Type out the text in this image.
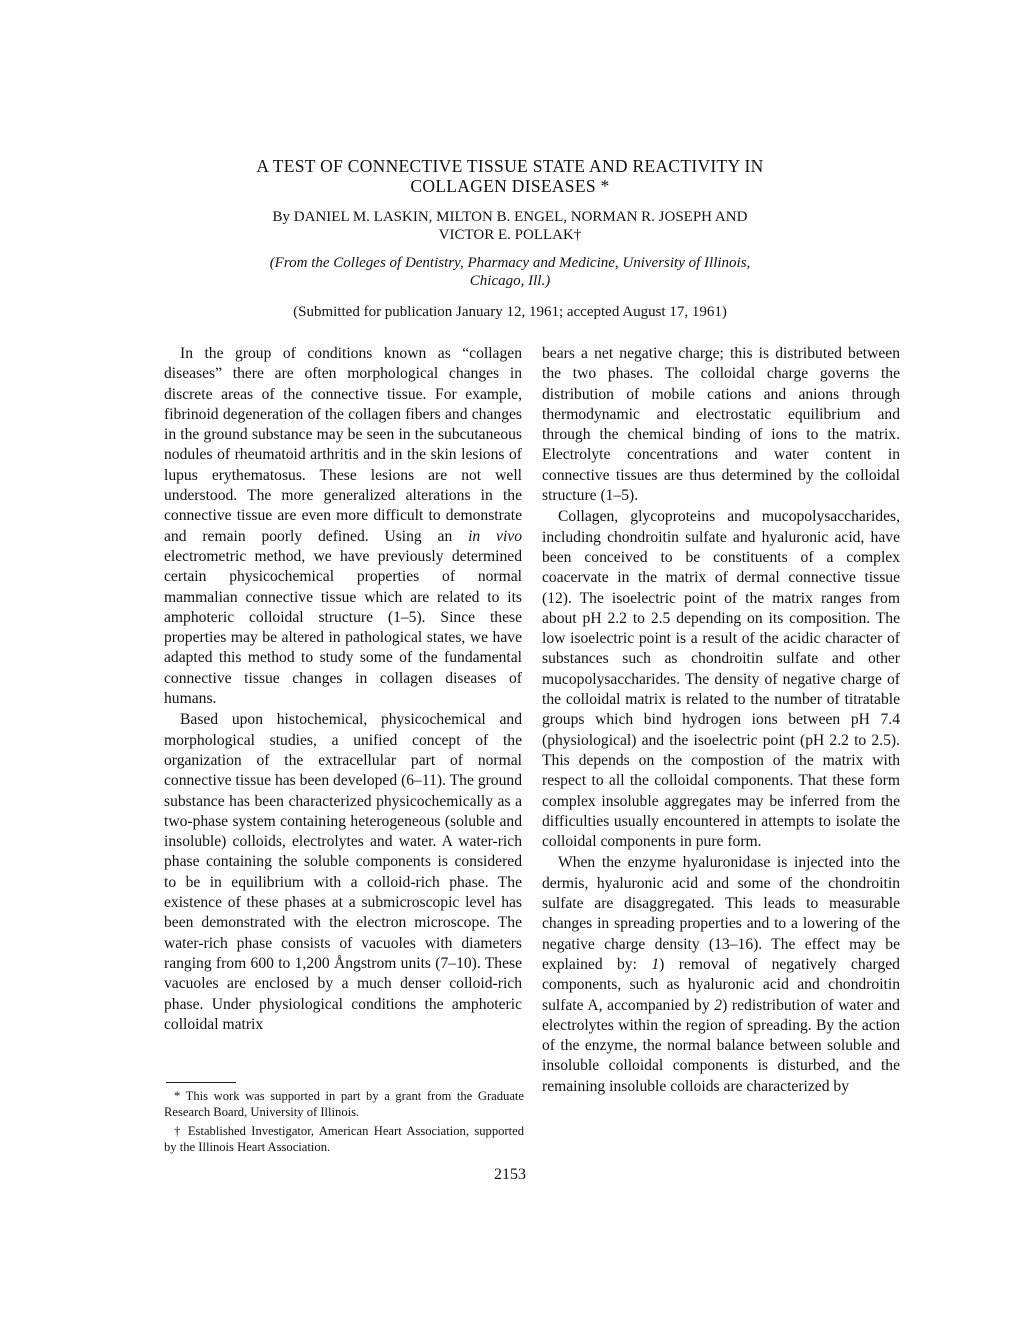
A TEST OF CONNECTIVE TISSUE STATE AND REACTIVITY IN
COLLAGEN DISEASES *
By DANIEL M. LASKIN, MILTON B. ENGEL, NORMAN R. JOSEPH AND
VICTOR E. POLLAK†
(From the Colleges of Dentistry, Pharmacy and Medicine, University of Illinois,
Chicago, Ill.)
(Submitted for publication January 12, 1961; accepted August 17, 1961)

In the group of conditions known as “collagen diseases” there are often morphological changes in discrete areas of the connective tissue. For example, fibrinoid degeneration of the collagen fibers and changes in the ground substance may be seen in the subcutaneous nodules of rheumatoid arthritis and in the skin lesions of lupus erythematosus. These lesions are not well understood. The more generalized alterations in the connective tissue are even more difficult to demonstrate and remain poorly defined. Using an in vivo electrometric method, we have previously determined certain physicochemical properties of normal mammalian connective tissue which are related to its amphoteric colloidal structure (1–5). Since these properties may be altered in pathological states, we have adapted this method to study some of the fundamental connective tissue changes in collagen diseases of humans.

Based upon histochemical, physicochemical and morphological studies, a unified concept of the organization of the extracellular part of normal connective tissue has been developed (6–11). The ground substance has been characterized physicochemically as a two-phase system containing heterogeneous (soluble and insoluble) colloids, electrolytes and water. A water-rich phase containing the soluble components is considered to be in equilibrium with a colloid-rich phase. The existence of these phases at a submicroscopic level has been demonstrated with the electron microscope. The water-rich phase consists of vacuoles with diameters ranging from 600 to 1,200 Ångstrom units (7–10). These vacuoles are enclosed by a much denser colloid-rich phase. Under physiological conditions the amphoteric colloidal matrix

bears a net negative charge; this is distributed between the two phases. The colloidal charge governs the distribution of mobile cations and anions through thermodynamic and electrostatic equilibrium and through the chemical binding of ions to the matrix. Electrolyte concentrations and water content in connective tissues are thus determined by the colloidal structure (1–5).

Collagen, glycoproteins and mucopolysaccharides, including chondroitin sulfate and hyaluronic acid, have been conceived to be constituents of a complex coacervate in the matrix of dermal connective tissue (12). The isoelectric point of the matrix ranges from about pH 2.2 to 2.5 depending on its composition. The low isoelectric point is a result of the acidic character of substances such as chondroitin sulfate and other mucopolysaccharides. The density of negative charge of the colloidal matrix is related to the number of titratable groups which bind hydrogen ions between pH 7.4 (physiological) and the isoelectric point (pH 2.2 to 2.5). This depends on the compostion of the matrix with respect to all the colloidal components. That these form complex insoluble aggregates may be inferred from the difficulties usually encountered in attempts to isolate the colloidal components in pure form.

When the enzyme hyaluronidase is injected into the dermis, hyaluronic acid and some of the chondroitin sulfate are disaggregated. This leads to measurable changes in spreading properties and to a lowering of the negative charge density (13–16). The effect may be explained by: 1) removal of negatively charged components, such as hyaluronic acid and chondroitin sulfate A, accompanied by 2) redistribution of water and electrolytes within the region of spreading. By the action of the enzyme, the normal balance between soluble and insoluble colloidal components is disturbed, and the remaining insoluble colloids are characterized by

* This work was supported in part by a grant from the Graduate Research Board, University of Illinois.

† Established Investigator, American Heart Association, supported by the Illinois Heart Association.

2153
